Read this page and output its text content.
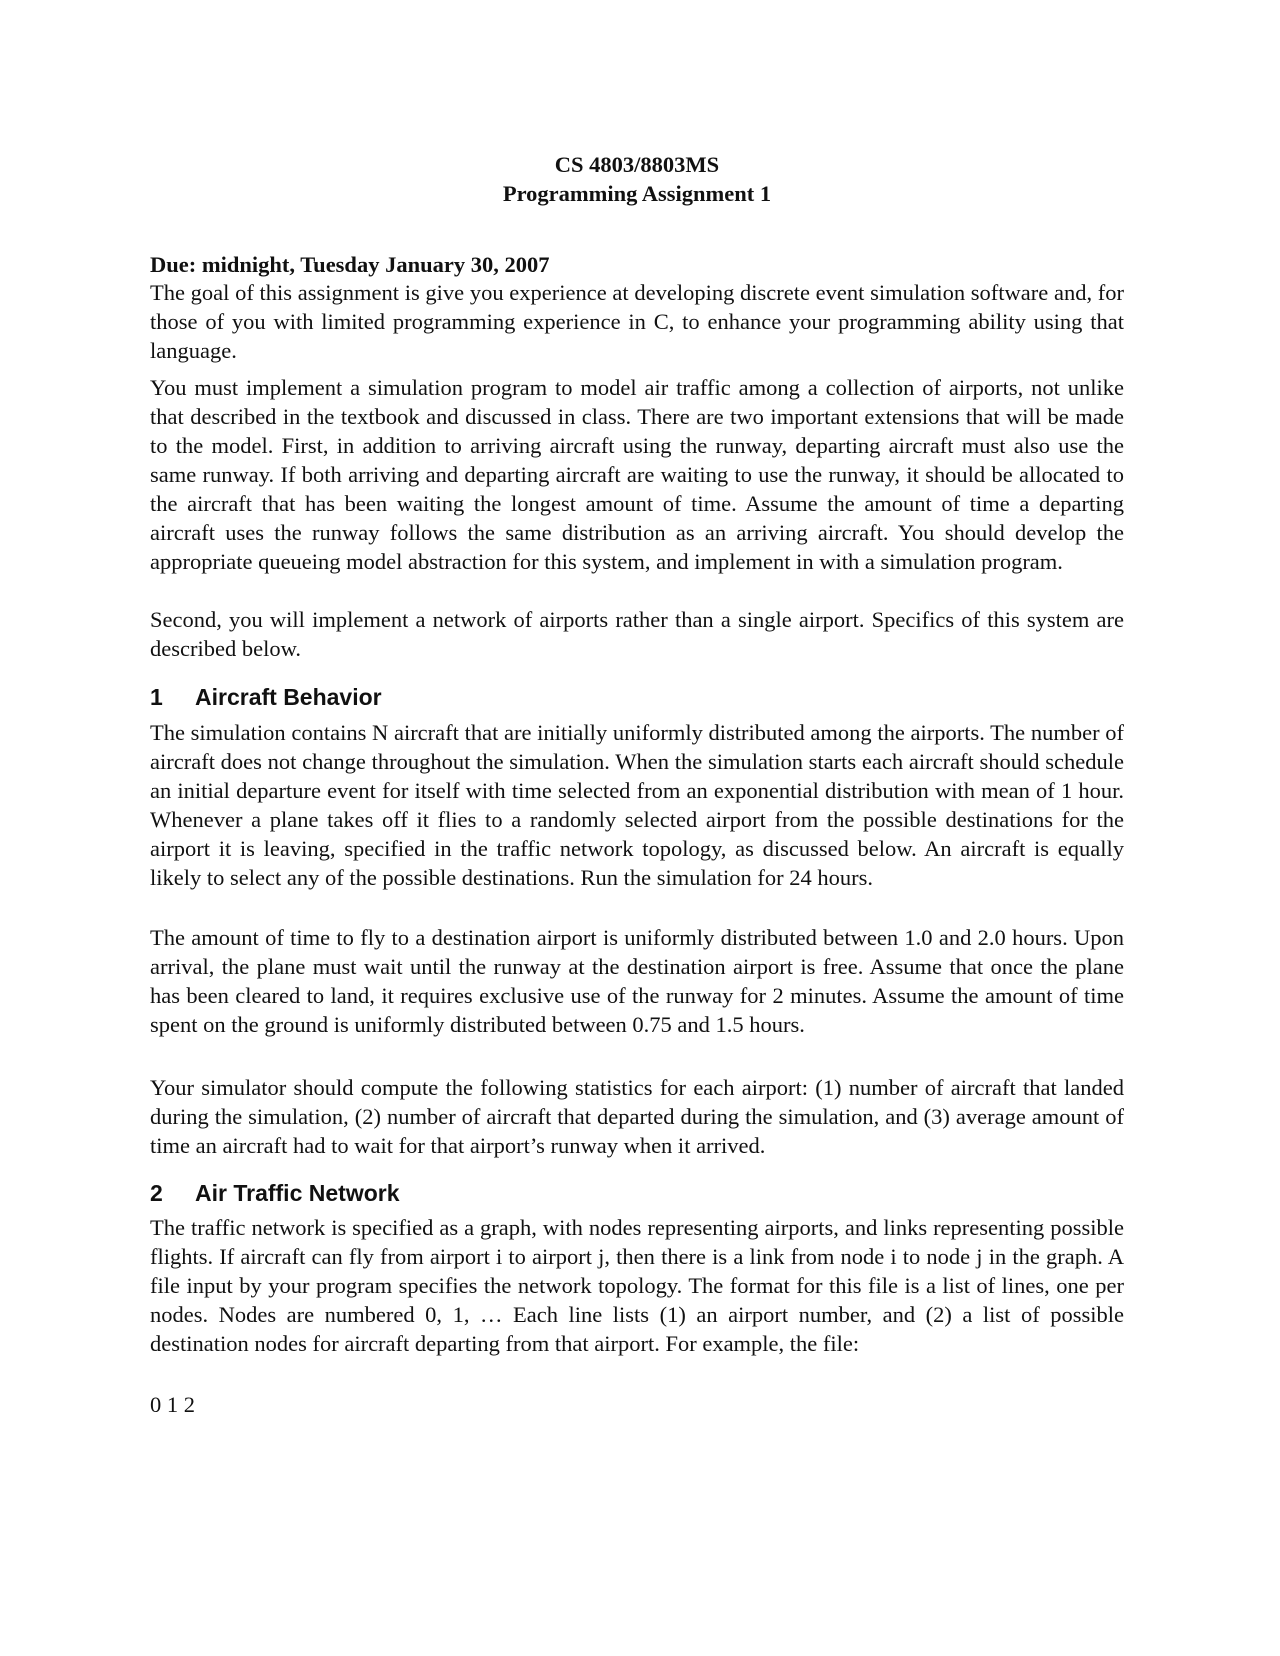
CS 4803/8803MS
Programming Assignment 1
Due: midnight, Tuesday January 30, 2007

The goal of this assignment is give you experience at developing discrete event simulation software and, for those of you with limited programming experience in C, to enhance your programming ability using that language.

You must implement a simulation program to model air traffic among a collection of airports, not unlike that described in the textbook and discussed in class. There are two important extensions that will be made to the model. First, in addition to arriving aircraft using the runway, departing aircraft must also use the same runway. If both arriving and departing aircraft are waiting to use the runway, it should be allocated to the aircraft that has been waiting the longest amount of time. Assume the amount of time a departing aircraft uses the runway follows the same distribution as an arriving aircraft. You should develop the appropriate queueing model abstraction for this system, and implement in with a simulation program.

Second, you will implement a network of airports rather than a single airport. Specifics of this system are described below.

1 Aircraft Behavior

The simulation contains N aircraft that are initially uniformly distributed among the airports. The number of aircraft does not change throughout the simulation. When the simulation starts each aircraft should schedule an initial departure event for itself with time selected from an exponential distribution with mean of 1 hour. Whenever a plane takes off it flies to a randomly selected airport from the possible destinations for the airport it is leaving, specified in the traffic network topology, as discussed below. An aircraft is equally likely to select any of the possible destinations. Run the simulation for 24 hours.

The amount of time to fly to a destination airport is uniformly distributed between 1.0 and 2.0 hours. Upon arrival, the plane must wait until the runway at the destination airport is free. Assume that once the plane has been cleared to land, it requires exclusive use of the runway for 2 minutes. Assume the amount of time spent on the ground is uniformly distributed between 0.75 and 1.5 hours.

Your simulator should compute the following statistics for each airport: (1) number of aircraft that landed during the simulation, (2) number of aircraft that departed during the simulation, and (3) average amount of time an aircraft had to wait for that airport’s runway when it arrived.

2 Air Traffic Network

The traffic network is specified as a graph, with nodes representing airports, and links representing possible flights. If aircraft can fly from airport i to airport j, then there is a link from node i to node j in the graph. A file input by your program specifies the network topology. The format for this file is a list of lines, one per nodes. Nodes are numbered 0, 1, … Each line lists (1) an airport number, and (2) a list of possible destination nodes for aircraft departing from that airport. For example, the file:

0 1 2
